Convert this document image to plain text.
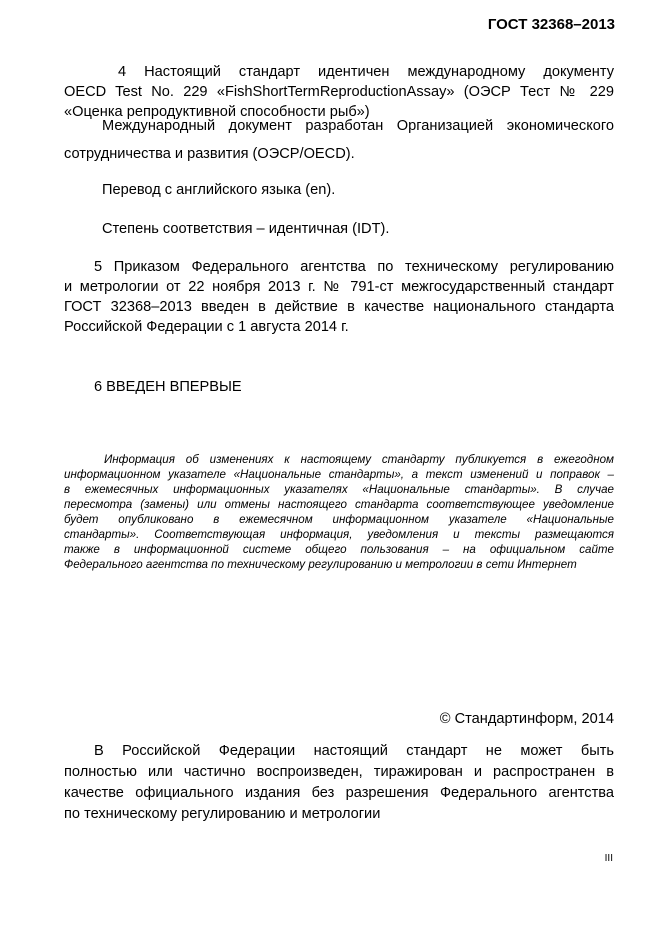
ГОСТ 32368–2013
4 Настоящий стандарт идентичен международному документу
OECD Test No. 229 «FishShortTermReproductionAssay» (ОЭСР Тест № 229
«Оценка репродуктивной способности рыб»)
Международный документ разработан Организацией экономического
сотрудничества и развития (ОЭСР/OECD).
Перевод с английского языка (en).
Степень соответствия – идентичная (IDT).
5 Приказом Федерального агентства по техническому регулированию
и метрологии от 22 ноября 2013 г. № 791-ст межгосударственный стандарт
ГОСТ 32368–2013 введен в действие в качестве национального стандарта
Российской Федерации с 1 августа 2014 г.
6 ВВЕДЕН ВПЕРВЫЕ
Информация об изменениях к настоящему стандарту публикуется в ежегодном
информационном указателе «Национальные стандарты», а текст изменений и поправок –
в ежемесячных информационных указателях «Национальные стандарты». В случае
пересмотра (замены) или отмены настоящего стандарта соответствующее уведомление
будет опубликовано в ежемесячном информационном указателе «Национальные
стандарты». Соответствующая информация, уведомления и тексты размещаются
также в информационной системе общего пользования – на официальном сайте
Федерального агентства по техническому регулированию и метрологии в сети Интернет
© Стандартинформ, 2014
В Российской Федерации настоящий стандарт не может быть
полностью или частично воспроизведен, тиражирован и распространен в
качестве официального издания без разрешения Федерального агентства
по техническому регулированию и метрологии
III
